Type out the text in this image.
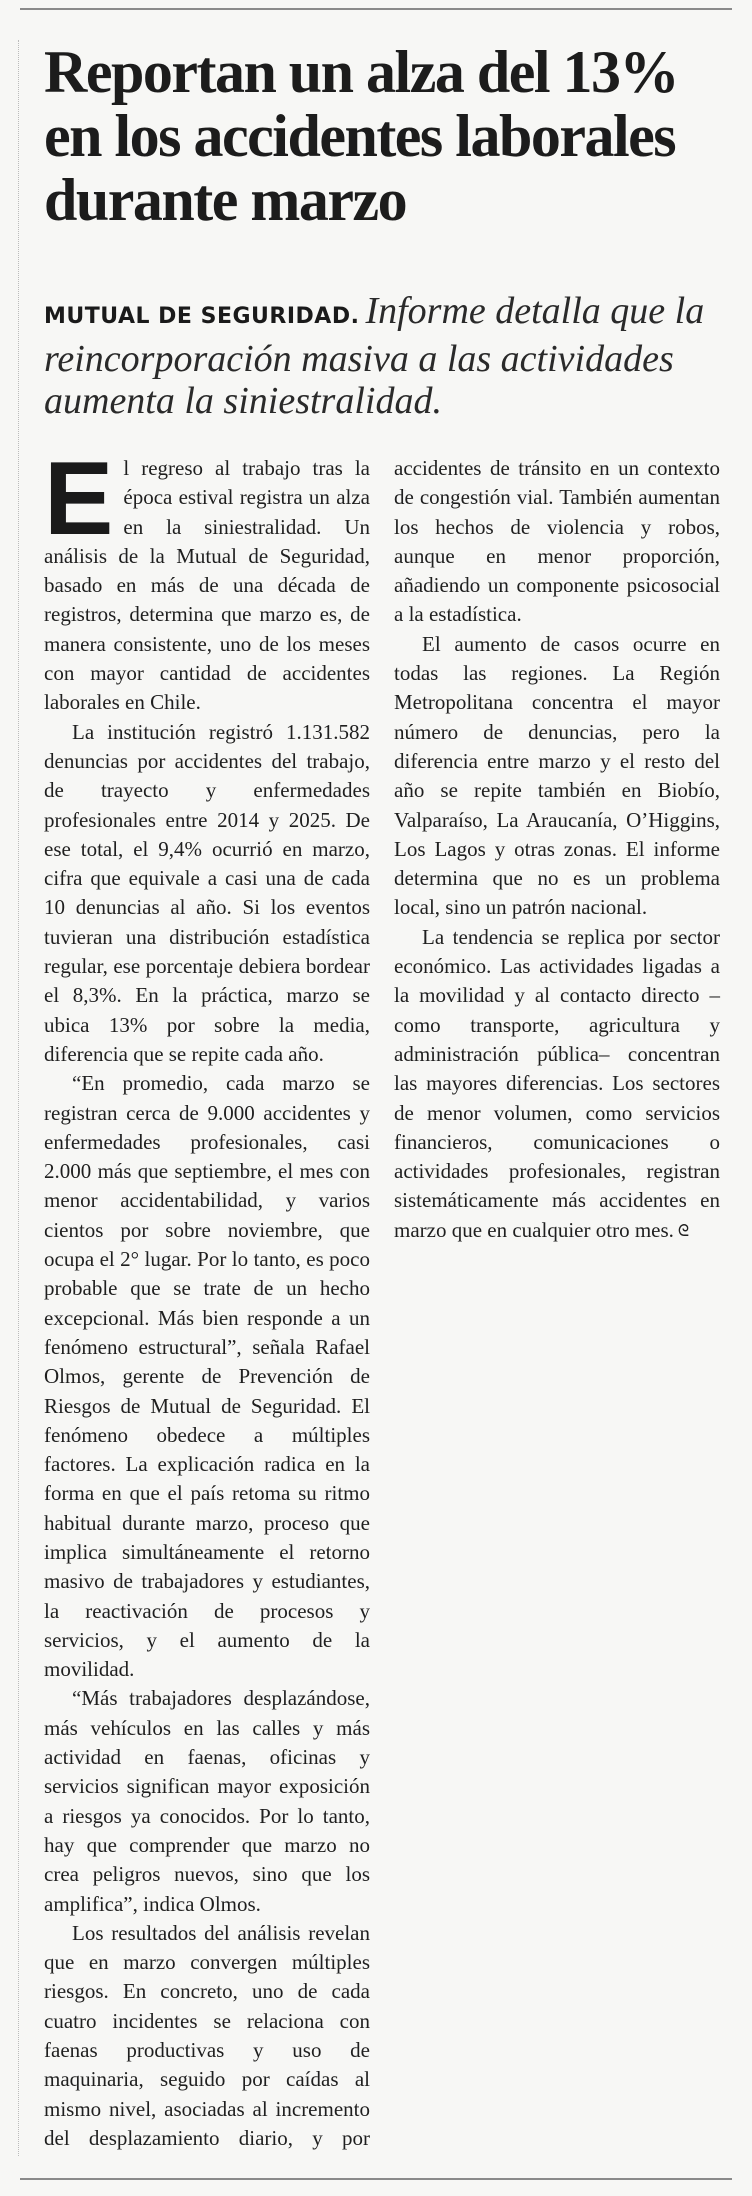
Reportan un alza del 13% en los accidentes laborales durante marzo

MUTUAL DE SEGURIDAD. Informe detalla que la reincorporación masiva a las actividades aumenta la siniestralidad.

El regreso al trabajo tras la época estival registra un alza en la siniestralidad. Un análisis de la Mutual de Seguridad, basado en más de una década de registros, determina que marzo es, de manera consistente, uno de los meses con mayor cantidad de accidentes laborales en Chile.

La institución registró 1.131.582 denuncias por accidentes del trabajo, de trayecto y enfermedades profesionales entre 2014 y 2025. De ese total, el 9,4% ocurrió en marzo, cifra que equivale a casi una de cada 10 denuncias al año. Si los eventos tuvieran una distribución estadística regular, ese porcentaje debiera bordear el 8,3%. En la práctica, marzo se ubica 13% por sobre la media, diferencia que se repite cada año.

“En promedio, cada marzo se registran cerca de 9.000 accidentes y enfermedades profesionales, casi 2.000 más que septiembre, el mes con menor accidentabilidad, y varios cientos por sobre noviembre, que ocupa el 2° lugar. Por lo tanto, es poco probable que se trate de un hecho excepcional. Más bien responde a un fenómeno estructural”, señala Rafael Olmos, gerente de Prevención de Riesgos de Mutual de Seguridad. El fenómeno obedece a múltiples factores. La explicación radica en la forma en que el país retoma su ritmo habitual durante marzo, proceso que implica simultáneamente el retorno masivo de trabajadores y estudiantes, la reactivación de procesos y servicios, y el aumento de la movilidad.

“Más trabajadores desplazándose, más vehículos en las calles y más actividad en faenas, oficinas y servicios significan mayor exposición a riesgos ya conocidos. Por lo tanto, hay que comprender que marzo no crea peligros nuevos, sino que los amplifica”, indica Olmos.

Los resultados del análisis revelan que en marzo convergen múltiples riesgos. En concreto, uno de cada cuatro incidentes se relaciona con faenas productivas y uso de maquinaria, seguido por caídas al mismo nivel, asociadas al incremento del desplazamiento diario, y por accidentes de tránsito en un contexto de congestión vial. También aumentan los hechos de violencia y robos, aunque en menor proporción, añadiendo un componente psicosocial a la estadística.

El aumento de casos ocurre en todas las regiones. La Región Metropolitana concentra el mayor número de denuncias, pero la diferencia entre marzo y el resto del año se repite también en Biobío, Valparaíso, La Araucanía, O’Higgins, Los Lagos y otras zonas. El informe determina que no es un problema local, sino un patrón nacional.

La tendencia se replica por sector económico. Las actividades ligadas a la movilidad y al contacto directo –como transporte, agricultura y administración pública– concentran las mayores diferencias. Los sectores de menor volumen, como servicios financieros, comunicaciones o actividades profesionales, registran sistemáticamente más accidentes en marzo que en cualquier otro mes. ᘓ
